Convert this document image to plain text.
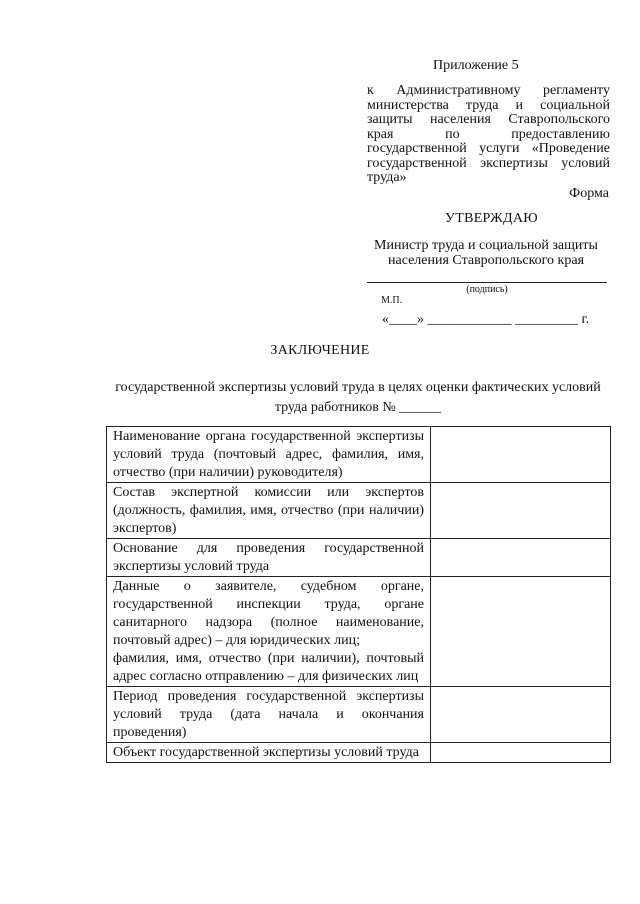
Приложение 5
к Административному регламенту министерства труда и социальной защиты населения Ставропольского края по предоставлению государственной услуги «Проведение государственной экспертизы условий труда»
Форма
УТВЕРЖДАЮ
Министр труда и социальной защиты населения Ставропольского края
(подпись)
М.П.
«____» ____________ _________ г.
ЗАКЛЮЧЕНИЕ
государственной экспертизы условий труда в целях оценки фактических условий труда работников № ______
Наименование органа государственной экспертизы условий труда (почтовый адрес, фамилия, имя, отчество (при наличии) руководителя)	
Состав экспертной комиссии или экспертов (должность, фамилия, имя, отчество (при наличии) экспертов)	
Основание для проведения государственной экспертизы условий труда	
Данные о заявителе, судебном органе, государственной инспекции труда, органе санитарного надзора (полное наименование, почтовый адрес) – для юридических лиц;
фамилия, имя, отчество (при наличии), почтовый адрес согласно отправлению – для физических лиц	
Период проведения государственной экспертизы условий труда (дата начала и окончания проведения)	
Объект государственной экспертизы условий труда	
